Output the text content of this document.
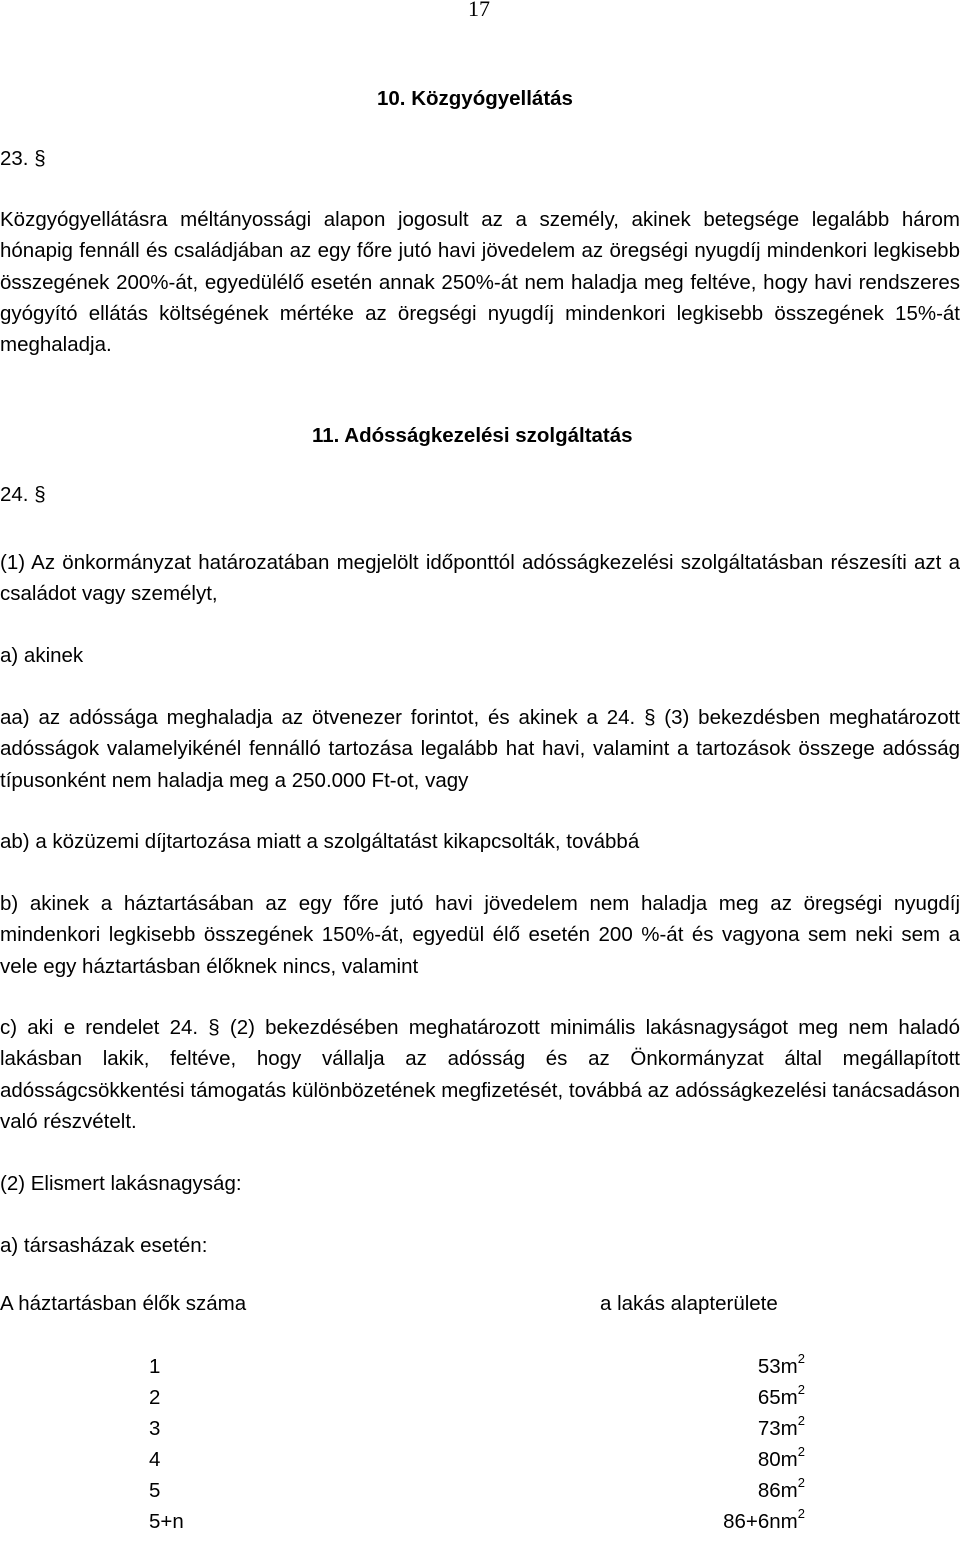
17
10. Közgyógyellátás
23. §
Közgyógyellátásra méltányossági alapon jogosult az a személy, akinek betegsége legalább három hónapig fennáll és családjában az egy főre jutó havi jövedelem az öregségi nyugdíj mindenkori legkisebb összegének 200%-át, egyedülélő esetén annak 250%-át nem haladja meg feltéve, hogy havi rendszeres gyógyító ellátás költségének mértéke az öregségi nyugdíj mindenkori legkisebb összegének 15%-át meghaladja.
11. Adósságkezelési szolgáltatás
24. §
(1) Az önkormányzat határozatában megjelölt időponttól adósságkezelési szolgáltatásban részesíti azt a családot vagy személyt,
a) akinek
aa) az adóssága meghaladja az ötvenezer forintot, és akinek a 24. § (3) bekezdésben meghatározott adósságok valamelyikénél fennálló tartozása legalább hat havi, valamint a tartozások összege adósság típusonként nem haladja meg a 250.000 Ft-ot, vagy
ab) a közüzemi díjtartozása miatt a szolgáltatást kikapcsolták, továbbá
b) akinek a háztartásában az egy főre jutó havi jövedelem nem haladja meg az öregségi nyugdíj mindenkori legkisebb összegének 150%-át, egyedül élő esetén 200 %-át és vagyona sem neki sem a vele egy háztartásban élőknek nincs, valamint
c) aki e rendelet 24. § (2) bekezdésében meghatározott minimális lakásnagyságot meg nem haladó lakásban lakik, feltéve, hogy vállalja az adósság és az Önkormányzat által megállapított adósságcsökkentési támogatás különbözetének megfizetését, továbbá az adósságkezelési tanácsadáson való részvételt.
(2) Elismert lakásnagyság:
a) társasházak esetén:
A háztartásban élők száma	a lakás alapterülete
1	$53m^2$
2	$65m^2$
3	$73m^2$
4	$80m^2$
5	$86m^2$
5+n	$86+6nm^2$
